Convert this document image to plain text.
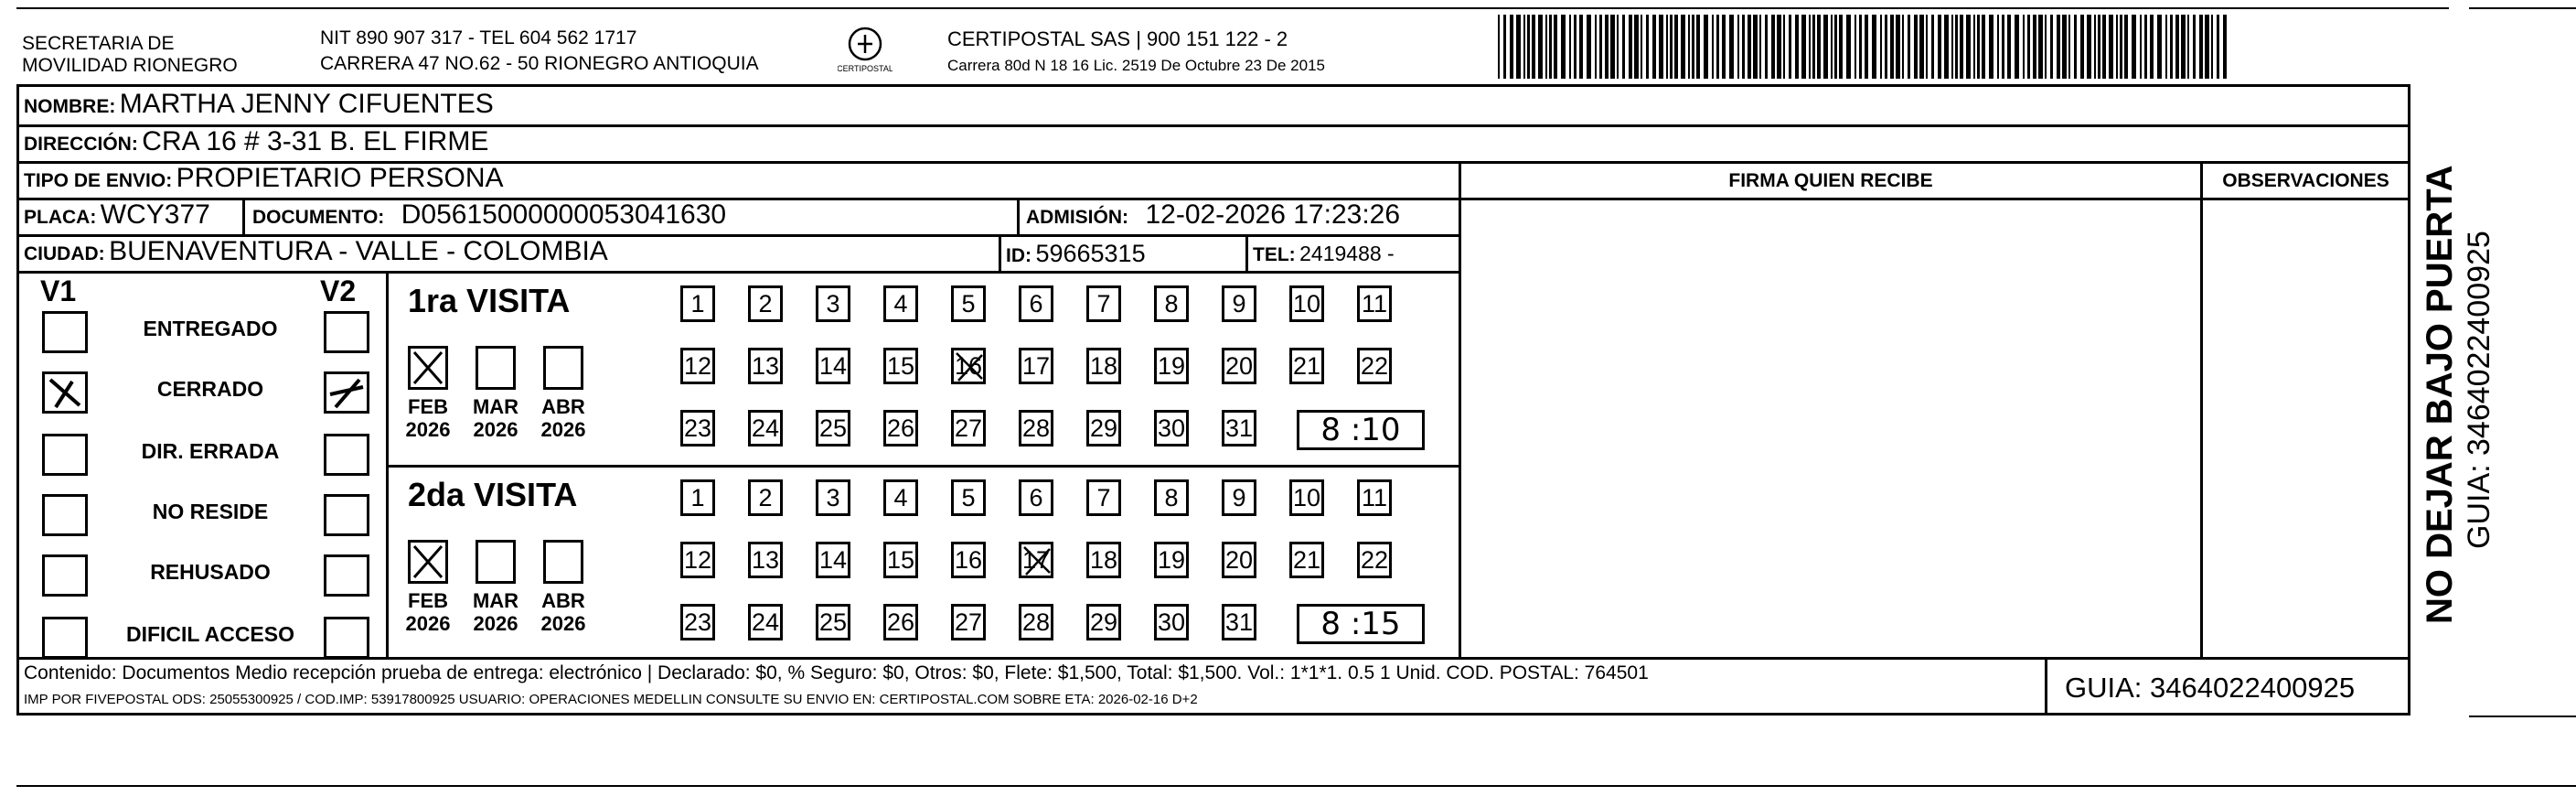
SECRETARIA DE
MOVILIDAD RIONEGRO
NIT 890 907 317 - TEL 604 562 1717
CARRERA 47 NO.62 - 50 RIONEGRO ANTIOQUIA	CERTIPOSTAL
CERTIPOSTAL SAS | 900 151 122 - 2
Carrera 80d N 18 16 Lic. 2519 De Octubre 23 De 2015
NOMBRE: MARTHA JENNY CIFUENTES
DIRECCIÓN: CRA 16 # 3-31 B. EL FIRME
TIPO DE ENVIO: PROPIETARIO PERSONA	FIRMA QUIEN RECIBE	OBSERVACIONES
PLACA: WCY377 DOCUMENTO: D05615000000053041630	ADMISIÓN: 12-02-2026 17:23:26
CIUDAD: BUENAVENTURA - VALLE - COLOMBIA	ID: 59665315	TEL: 2419488 -
V1	V2
ENTREGADO
CERRADO
DIR. ERRADA
NO RESIDE
REHUSADO
DIFICIL ACCESO
1ra VISITA
FEB
2026
MAR
2026
ABR
2026
1	2	3	4	5	6	7	8	9	10 11
12 13 14 15 16 17 18 19 20 21 22
23 24 25 26 27 28 29 30 31	8 :10
2da VISITA
FEB
2026
MAR
2026
ABR
2026
1	2	3	4	5	6	7	8	9	10 11
12 13 14 15 16 17 18 19 20 21 22
23 24 25 26 27 28 29 30 31	8 :15
Contenido: Documentos Medio recepción prueba de entrega: electrónico | Declarado: $0, % Seguro: $0, Otros: $0, Flete: $1,500, Total: $1,500. Vol.: 1*1*1. 0.5 1 Unid. COD. POSTAL: 764501
IMP POR FIVEPOSTAL ODS: 25055300925 / COD.IMP: 53917800925 USUARIO: OPERACIONES MEDELLIN CONSULTE SU ENVIO EN: CERTIPOSTAL.COM SOBRE ETA: 2026-02-16 D+2	GUIA: 3464022400925
NO DEJAR BAJO PUERTA GUIA: 3464022400925
